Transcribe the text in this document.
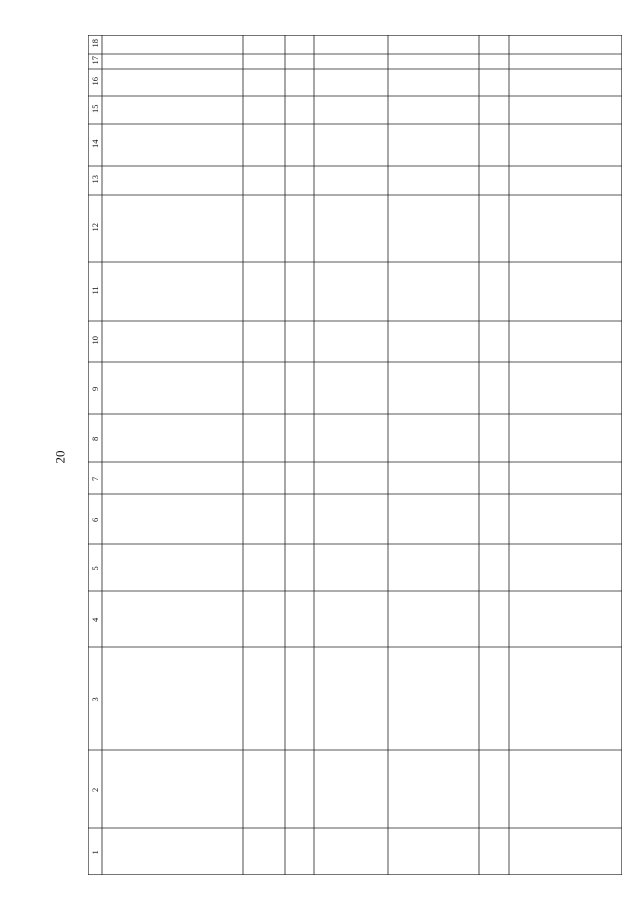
20
1
2
3
4
5
6
7
8
9
10
11
12
13
14
15
16
17
18
